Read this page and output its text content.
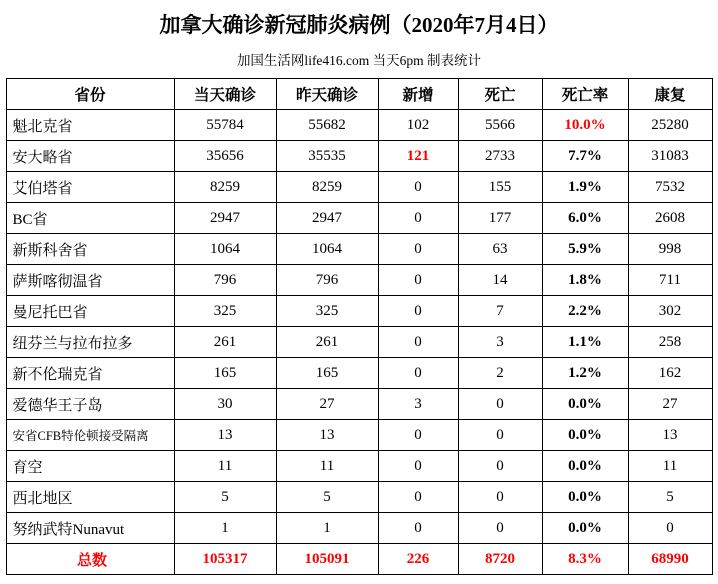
加拿大确诊新冠肺炎病例（2020年7月4日）
加国生活网life416.com 当天6pm 制表统计
省份	当天确诊	昨天确诊	新增	死亡	死亡率	康复
魁北克省	55784	55682	102	5566	10.0%	25280
安大略省	35656	35535	121	2733	7.7%	31083
艾伯塔省	8259	8259	0	155	1.9%	7532
BC省	2947	2947	0	177	6.0%	2608
新斯科舍省	1064	1064	0	63	5.9%	998
萨斯喀彻温省	796	796	0	14	1.8%	711
曼尼托巴省	325	325	0	7	2.2%	302
纽芬兰与拉布拉多	261	261	0	3	1.1%	258
新不伦瑞克省	165	165	0	2	1.2%	162
爱德华王子岛	30	27	3	0	0.0%	27
安省CFB特伦顿接受隔离	13	13	0	0	0.0%	13
育空	11	11	0	0	0.0%	11
西北地区	5	5	0	0	0.0%	5
努纳武特Nunavut	1	1	0	0	0.0%	0
总数	105317	105091	226	8720	8.3%	68990
